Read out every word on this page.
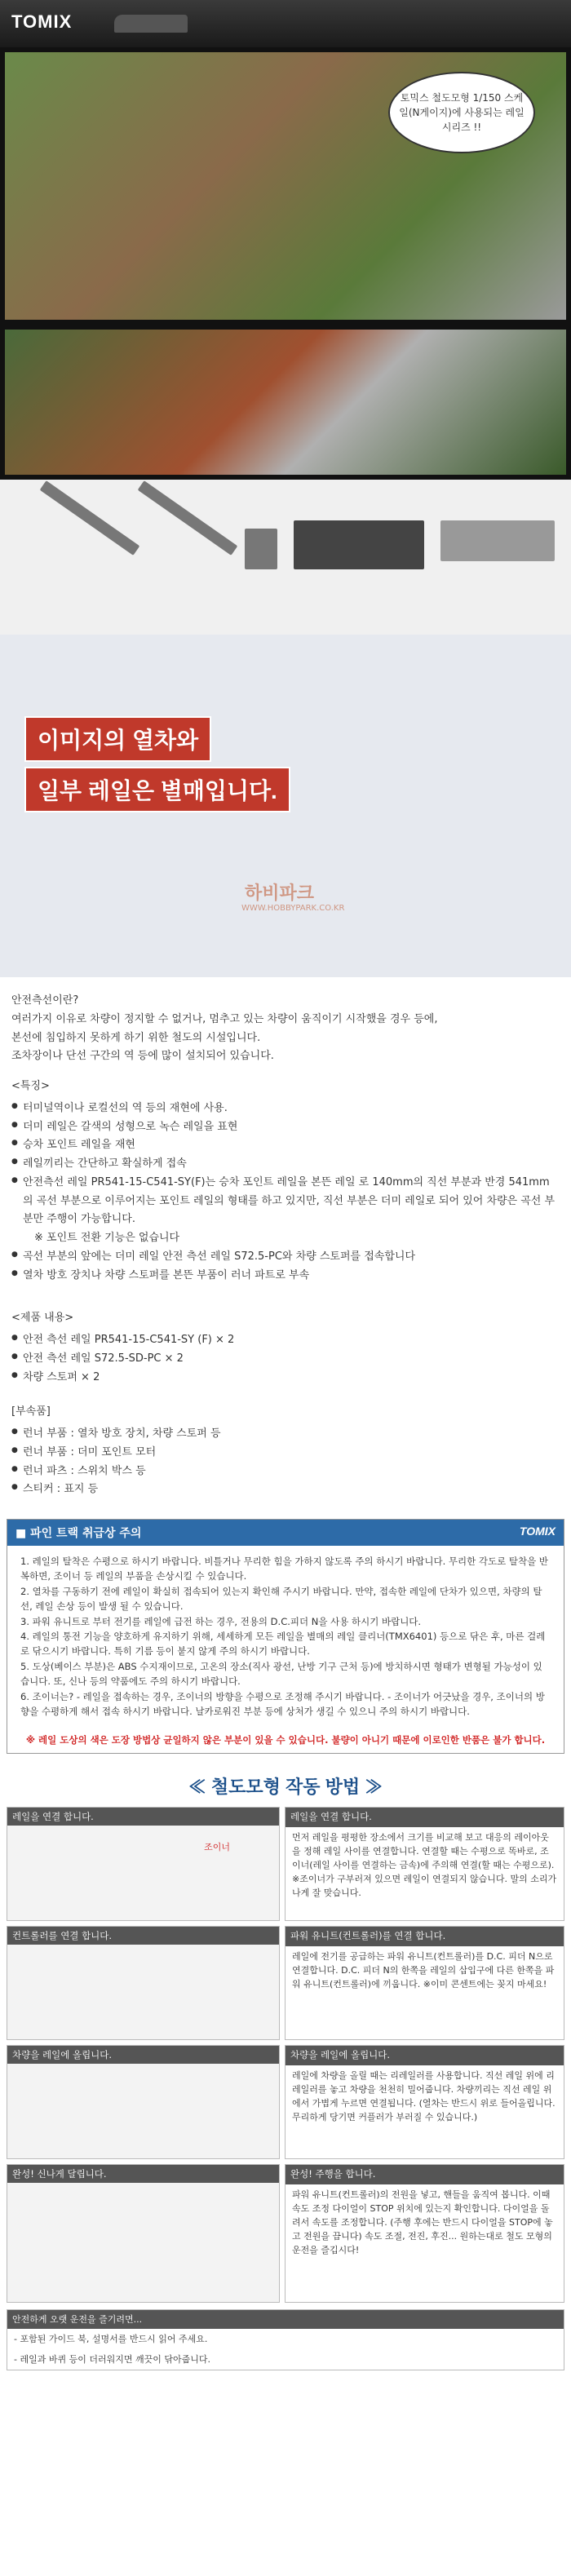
TOMIX
토믹스 철도모형 1/150 스케일(N게이지)에 사용되는 레일 시리즈 !!
이미지의 열차와
일부 레일은 별매입니다.
하비파크
WWW.HOBBYPARK.CO.KR

안전측선이란?

여러가지 이유로 차량이 정지할 수 없거나, 멈추고 있는 차량이 움직이기 시작했을 경우 등에,

본선에 침입하지 못하게 하기 위한 철도의 시설입니다.

조차장이나 단선 구간의 역 등에 많이 설치되어 있습니다.

<특징>
● 터미널역이나 로컬선의 역 등의 재현에 사용.
● 더미 레일은 갈색의 성형으로 녹슨 레일을 표현
● 승차 포인트 레일을 재현
● 레일끼리는 간단하고 확실하게 접속
● 안전측선 레일 PR541-15-C541-SY(F)는 승차 포인트 레일을 본뜬 레일 로 140mm의 직선 부분과 반경 541mm의 곡선 부분으로 이루어지는 포인트 레일의 형태를 하고 있지만, 직선 부분은 더미 레일로 되어 있어 차량은 곡선 부분만 주행이 가능합니다.

※ 포인트 전환 기능은 없습니다

● 곡선 부분의 앞에는 더미 레일 안전 측선 레일 S72.5-PC와 차량 스토퍼를 접속합니다
● 열차 방호 장치나 차량 스토퍼를 본뜬 부품이 러너 파트로 부속
<제품 내용>
● 안전 측선 레일 PR541-15-C541-SY (F) × 2
● 안전 측선 레일 S72.5-SD-PC × 2
● 차량 스토퍼 × 2
[부속품]
● 런너 부품 : 열차 방호 장치, 차량 스토퍼 등
● 런너 부품 : 더미 포인트 모터
● 런너 파츠 : 스위치 박스 등
● 스티커 : 표지 등
■ 파인 트랙 취급상 주의	TOMIX

1. 레일의 탈착은 수평으로 하시기 바랍니다. 비틀거나 무리한 힘을 가하지 않도록 주의 하시기 바랍니다. 무리한 각도로 탈착을 반복하면, 조이너 등 레일의 부품을 손상시킬 수 있습니다.

2. 열차를 구동하기 전에 레일이 확실히 접속되어 있는지 확인해 주시기 바랍니다. 만약, 접속한 레일에 단차가 있으면, 차량의 탈선, 레일 손상 등이 발생 될 수 있습니다.

3. 파워 유니트로 부터 전기를 레일에 급전 하는 경우, 전용의 D.C.피더 N을 사용 하시기 바랍니다.

4. 레일의 통전 기능을 양호하게 유지하기 위해, 세세하게 모든 레일을 별매의 레일 클리너(TMX6401) 등으로 닦은 후, 마른 걸레로 닦으시기 바랍니다. 특히 기름 등이 붙지 않게 주의 하시기 바랍니다.

5. 도상(베이스 부분)은 ABS 수지재이므로, 고온의 장소(직사 광선, 난방 기구 근처 등)에 방치하시면 형태가 변형될 가능성이 있습니다. 또, 신나 등의 약품에도 주의 하시기 바랍니다.

6. 조이너는? - 레일을 접속하는 경우, 조이너의 방향을 수평으로 조정해 주시기 바랍니다. - 조이너가 어긋났을 경우, 조이너의 방향을 수평하게 해서 접속 하시기 바랍니다. 날카로워진 부분 등에 상처가 생길 수 있으니 주의 하시기 바랍니다.

※ 레일 도상의 색은 도장 방법상 균일하지 않은 부분이 있을 수 있습니다. 불량이 아니기 때문에 이로인한 반품은 불가 합니다.
≪ 철도모형 작동 방법 ≫
레일을 연결 합니다.
조이너
레일을 연결 합니다.

먼저 레일을 평평한 장소에서 크기를 비교해 보고 대응의 레이아웃을 정해 레일 사이를 연결합니다. 연결할 때는 수평으로 똑바로, 조이너(레일 사이를 연결하는 금속)에 주의해 연결(할 때는 수평으로). ※조이너가 구부러져 있으면 레일이 연결되지 않습니다. 말의 소리가 나게 잘 맞습니다.

컨트롤러를 연결 합니다.	파워 유니트(컨트롤러)를 연결 합니다.

레일에 전기를 공급하는 파워 유니트(컨트롤러)를 D.C. 피더 N으로 연결합니다. D.C. 피더 N의 한쪽을 레일의 삽입구에 다른 한쪽을 파워 유니트(컨트롤러)에 끼웁니다. ※이미 콘센트에는 꽂지 마세요!

차량을 레일에 올립니다.	차량을 레일에 올립니다.

레일에 차량을 올릴 때는 리레일러를 사용합니다. 직선 레일 위에 리레일러를 놓고 차량을 천천히 밀어줍니다. 차량끼리는 직선 레일 위에서 가볍게 누르면 연결됩니다. (열차는 반드시 위로 들어올립니다. 무리하게 당기면 커플러가 부러질 수 있습니다.)

완성! 신나게 달립니다.	완성! 주행을 합니다.

파워 유니트(컨트롤러)의 전원을 넣고, 핸들을 움직여 봅니다. 이때 속도 조정 다이얼이 STOP 위치에 있는지 확인합니다. 다이얼을 돌려서 속도를 조정합니다. (주행 후에는 반드시 다이얼을 STOP에 놓고 전원을 끕니다) 속도 조절, 전진, 후진... 원하는대로 철도 모형의 운전을 즐깁시다!

안전하게 오랫 운전을 즐기려면...

- 포함된 가이드 북, 설명서를 반드시 읽어 주세요.

- 레일과 바퀴 등이 더러워지면 깨끗이 닦아줍니다.
